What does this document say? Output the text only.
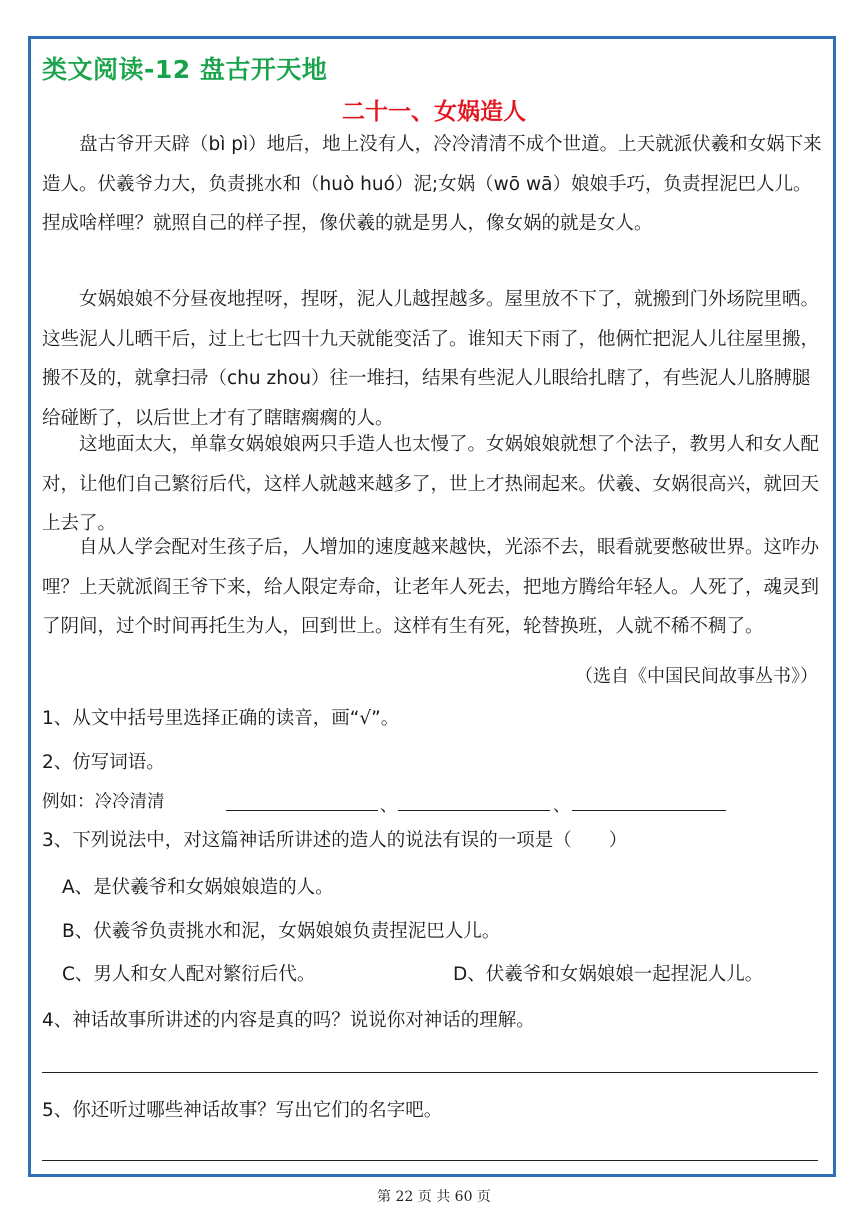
类文阅读-12 盘古开天地
二十一、女娲造人
盘古爷开天辟（bì pì）地后，地上没有人，冷冷清清不成个世道。上天就派伏羲和女娲下来造人。伏羲爷力大，负责挑水和（huò huó）泥;女娲（wō wā）娘娘手巧，负责捏泥巴人儿。捏成啥样哩？就照自己的样子捏，像伏羲的就是男人，像女娲的就是女人。
女娲娘娘不分昼夜地捏呀，捏呀，泥人儿越捏越多。屋里放不下了，就搬到门外场院里晒。这些泥人儿晒干后，过上七七四十九天就能变活了。谁知天下雨了，他俩忙把泥人儿往屋里搬，搬不及的，就拿扫帚（chu zhou）往一堆扫，结果有些泥人儿眼给扎瞎了，有些泥人儿胳膊腿给碰断了，以后世上才有了瞎瞎瘸瘸的人。
这地面太大，单靠女娲娘娘两只手造人也太慢了。女娲娘娘就想了个法子，教男人和女人配对，让他们自己繁衍后代，这样人就越来越多了，世上才热闹起来。伏羲、女娲很高兴，就回天上去了。
自从人学会配对生孩子后，人增加的速度越来越快，光添不去，眼看就要憋破世界。这咋办哩？上天就派阎王爷下来，给人限定寿命，让老年人死去，把地方腾给年轻人。人死了，魂灵到了阴间，过个时间再托生为人，回到世上。这样有生有死，轮替换班，人就不稀不稠了。
（选自《中国民间故事丛书》）
1、从文中括号里选择正确的读音，画“√”。
2、仿写词语。
例如：冷冷清清	、	、
3、下列说法中，对这篇神话所讲述的造人的说法有误的一项是（　　）
A、是伏羲爷和女娲娘娘造的人。
B、伏羲爷负责挑水和泥，女娲娘娘负责捏泥巴人儿。
C、男人和女人配对繁衍后代。	D、伏羲爷和女娲娘娘一起捏泥人儿。
4、神话故事所讲述的内容是真的吗？说说你对神话的理解。
5、你还听过哪些神话故事？写出它们的名字吧。
第 22 页 共 60 页
